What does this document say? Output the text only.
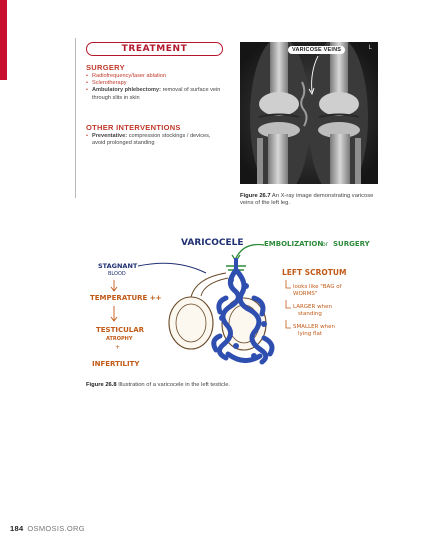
TREATMENT
SURGERY
• Radiofrequency/laser ablation
• Sclerotherapy
• Ambulatory phlebectomy: removal of surface vein through slits in skin
OTHER INTERVENTIONS
• Preventative: compression stockings / devices, avoid prolonged standing
VARICOSE VEINS	L
Figure 26.7 An X-ray image demonstrating varicose veins of the left leg.
VARICOCELE	EMBOLIZATION
or SURGERY
STAGNANT
BLOOD
TEMPERATURE ++
TESTICULAR
ATROPHY
+
INFERTILITY
LEFT SCROTUM
looks like "BAG of
WORMS"
LARGER when
standing
SMALLER when
lying flat
Figure 26.8 Illustration of a varicocele in the left testicle.
184 OSMOSIS.ORG
